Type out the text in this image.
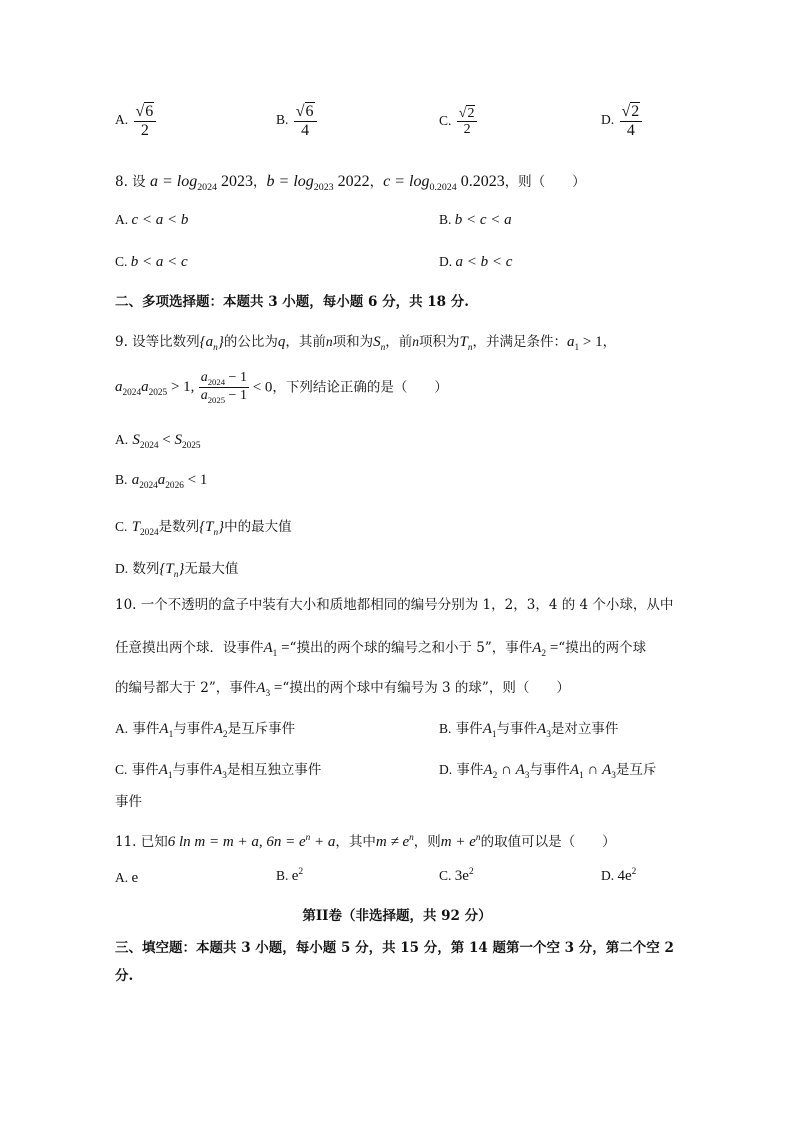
A. $\frac{√6}{2}$	B. $\frac{√6}{4}$	C. $\frac{√2}{2}$	D. $\frac{√2}{4}$
8. 设 $a = \log_{2024} 2023$，$b = \log_{2023} 2022$，$c = \log_{0.2024} 0.2023$，则（　　）
A. c < a < b	B. b < c < a
C. b < a < c	D. a < b < c
二、多项选择题：本题共 3 小题，每小题 6 分，共 18 分.
9. 设等比数列$\{a_n\}$的公比为q，其前n项和为$S_n$，前n项积为$T_n$，并满足条件：$a_1 > 1$，
$a_{2024}a_{2025} > 1$, $\frac{a_{2024} - 1}{a_{2025} - 1} < 0$，下列结论正确的是（　　）
A. $S_{2024} < S_{2025}$
B. $a_{2024}a_{2026} < 1$
C. $T_{2024}$是数列$\{T_n\}$中的最大值
D. 数列$\{T_n\}$无最大值
10. 一个不透明的盒子中装有大小和质地都相同的编号分别为 1，2，3，4 的 4 个小球，从中
任意摸出两个球．设事件$A_1$ =“摸出的两个球的编号之和小于 5”，事件$A_2$ =“摸出的两个球
的编号都大于 2”，事件$A_3$ =“摸出的两个球中有编号为 3 的球”，则（　　）
A. 事件$A_1$与事件$A_2$是互斥事件	B. 事件$A_1$与事件$A_3$是对立事件
C. 事件$A_1$与事件$A_3$是相互独立事件	D. 事件$A_2$ ∩ $A_3$与事件$A_1$ ∩ $A_3$是互斥
事件
11. 已知6 ln m = m + a, $6n = e^n + a$，其中$m \ne e^n$，则$m + e^n$的取值可以是（　　）
A. e	B. $e^2$	C. $3e^2$	D. $4e^2$
第II卷（非选择题，共 92 分）
三、填空题：本题共 3 小题，每小题 5 分，共 15 分，第 14 题第一个空 3 分，第二个空 2
分.
